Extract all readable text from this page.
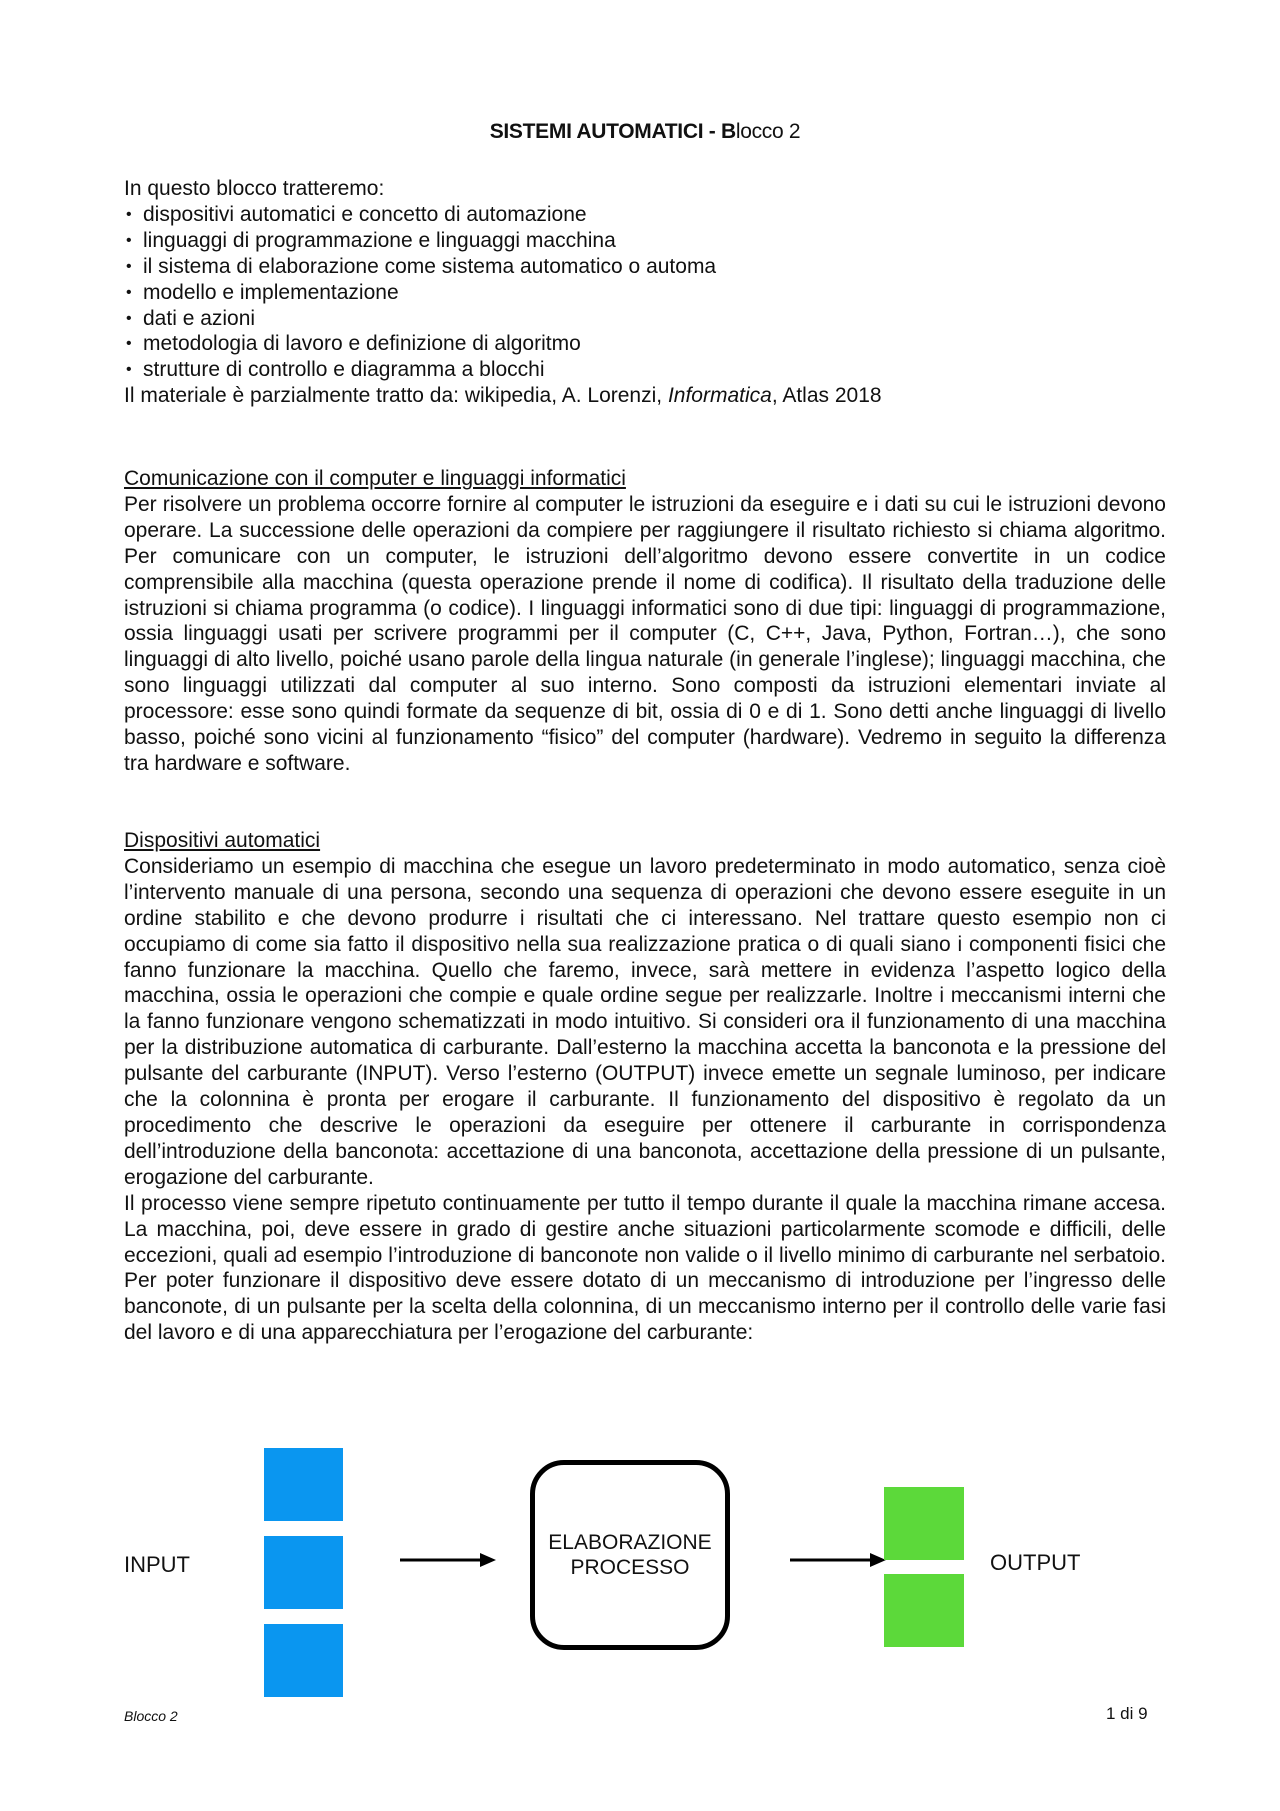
SISTEMI AUTOMATICI - Blocco 2
In questo blocco tratteremo:
• dispositivi automatici e concetto di automazione
• linguaggi di programmazione e linguaggi macchina
• il sistema di elaborazione come sistema automatico o automa
• modello e implementazione
• dati e azioni
• metodologia di lavoro e definizione di algoritmo
• strutture di controllo e diagramma a blocchi
Il materiale è parzialmente tratto da: wikipedia, A. Lorenzi, Informatica, Atlas 2018
Comunicazione con il computer e linguaggi informatici

Per risolvere un problema occorre fornire al computer le istruzioni da eseguire e i dati su cui le istruzioni devono operare. La successione delle operazioni da compiere per raggiungere il risultato richiesto si chiama algoritmo. Per comunicare con un computer, le istruzioni dell’algoritmo devono essere convertite in un codice comprensibile alla macchina (questa operazione prende il nome di codifica). Il risultato della traduzione delle istruzioni si chiama programma (o codice). I linguaggi informatici sono di due tipi: linguaggi di programmazione, ossia linguaggi usati per scrivere programmi per il computer (C, C++, Java, Python, Fortran…), che sono linguaggi di alto livello, poiché usano parole della lingua naturale (in generale l’inglese); linguaggi macchina, che sono linguaggi utilizzati dal computer al suo interno. Sono composti da istruzioni elementari inviate al processore: esse sono quindi formate da sequenze di bit, ossia di 0 e di 1. Sono detti anche linguaggi di livello basso, poiché sono vicini al funzionamento “fisico” del computer (hardware). Vedremo in seguito la differenza tra hardware e software.

Dispositivi automatici

Consideriamo un esempio di macchina che esegue un lavoro predeterminato in modo automatico, senza cioè l’intervento manuale di una persona, secondo una sequenza di operazioni che devono essere eseguite in un ordine stabilito e che devono produrre i risultati che ci interessano. Nel trattare questo esempio non ci occupiamo di come sia fatto il dispositivo nella sua realizzazione pratica o di quali siano i componenti fisici che fanno funzionare la macchina. Quello che faremo, invece, sarà mettere in evidenza l’aspetto logico della macchina, ossia le operazioni che compie e quale ordine segue per realizzarle. Inoltre i meccanismi interni che la fanno funzionare vengono schematizzati in modo intuitivo. Si consideri ora il funzionamento di una macchina per la distribuzione automatica di carburante. Dall’esterno la macchina accetta la banconota e la pressione del pulsante del carburante (INPUT). Verso l’esterno (OUTPUT) invece emette un segnale luminoso, per indicare che la colonnina è pronta per erogare il carburante. Il funzionamento del dispositivo è regolato da un procedimento che descrive le operazioni da eseguire per ottenere il carburante in corrispondenza dell’introduzione della banconota: accettazione di una banconota, accettazione della pressione di un pulsante, erogazione del carburante.

Il processo viene sempre ripetuto continuamente per tutto il tempo durante il quale la macchina rimane accesa. La macchina, poi, deve essere in grado di gestire anche situazioni particolarmente scomode e difficili, delle eccezioni, quali ad esempio l’introduzione di banconote non valide o il livello minimo di carburante nel serbatoio. Per poter funzionare il dispositivo deve essere dotato di un meccanismo di introduzione per l’ingresso delle banconote, di un pulsante per la scelta della colonnina, di un meccanismo interno per il controllo delle varie fasi del lavoro e di una apparecchiatura per l’erogazione del carburante:

INPUT
ELABORAZIONE
PROCESSO	OUTPUT
Blocco 2	1 di 9
